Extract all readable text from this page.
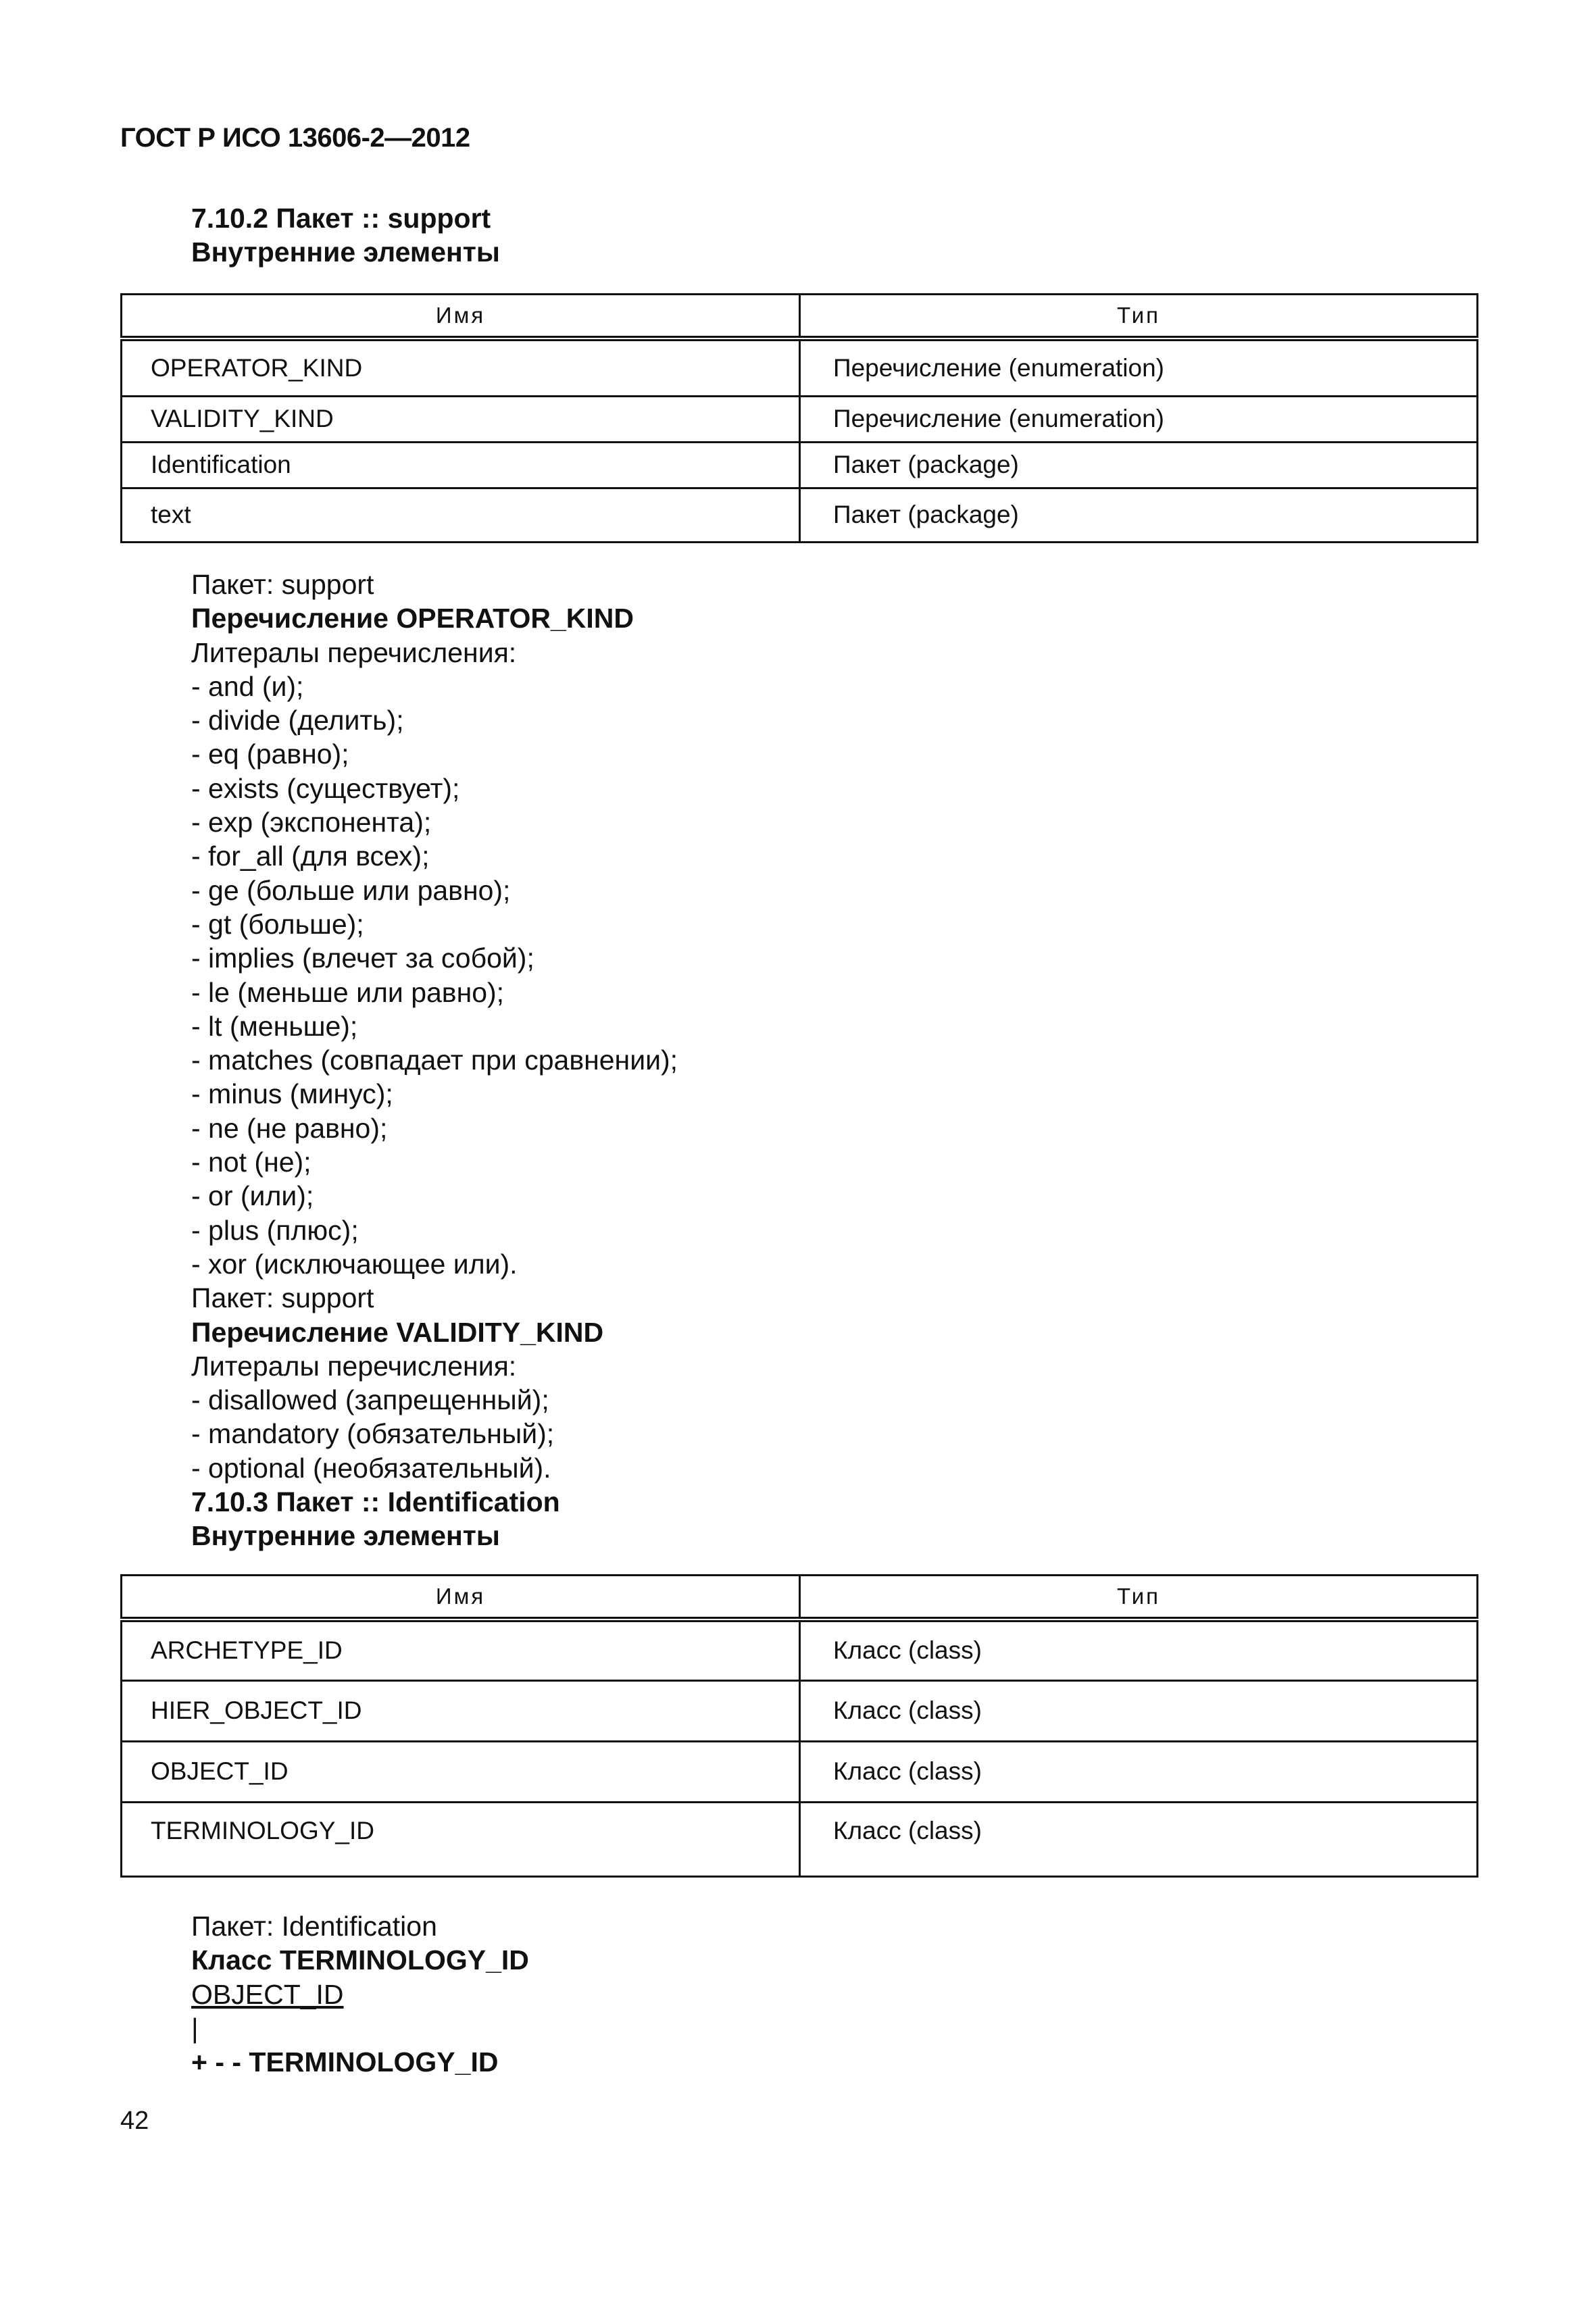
ГОСТ Р ИСО 13606-2—2012
7.10.2 Пакет :: support
Внутренние элементы
Имя	Тип
OPERATOR_KIND	Перечисление (enumeration)
VALIDITY_KIND	Перечисление (enumeration)
Identification	Пакет (package)
text	Пакет (package)
Пакет: support
Перечисление OPERATOR_KIND
Литералы перечисления:
- and (и);
- divide (делить);
- eq (равно);
- exists (существует);
- exp (экспонента);
- for_all (для всех);
- ge (больше или равно);
- gt (больше);
- implies (влечет за собой);
- le (меньше или равно);
- lt (меньше);
- matches (совпадает при сравнении);
- minus (минус);
- ne (не равно);
- not (не);
- or (или);
- plus (плюс);
- xor (исключающее или).
Пакет: support
Перечисление VALIDITY_KIND
Литералы перечисления:
- disallowed (запрещенный);
- mandatory (обязательный);
- optional (необязательный).
7.10.3 Пакет :: Identification
Внутренние элементы
Имя	Тип
ARCHETYPE_ID	Класс (class)
HIER_OBJECT_ID	Класс (class)
OBJECT_ID	Класс (class)
TERMINOLOGY_ID	Класс (class)
Пакет: Identification
Класс TERMINOLOGY_ID
OBJECT_ID
|
+ - - TERMINOLOGY_ID
42
